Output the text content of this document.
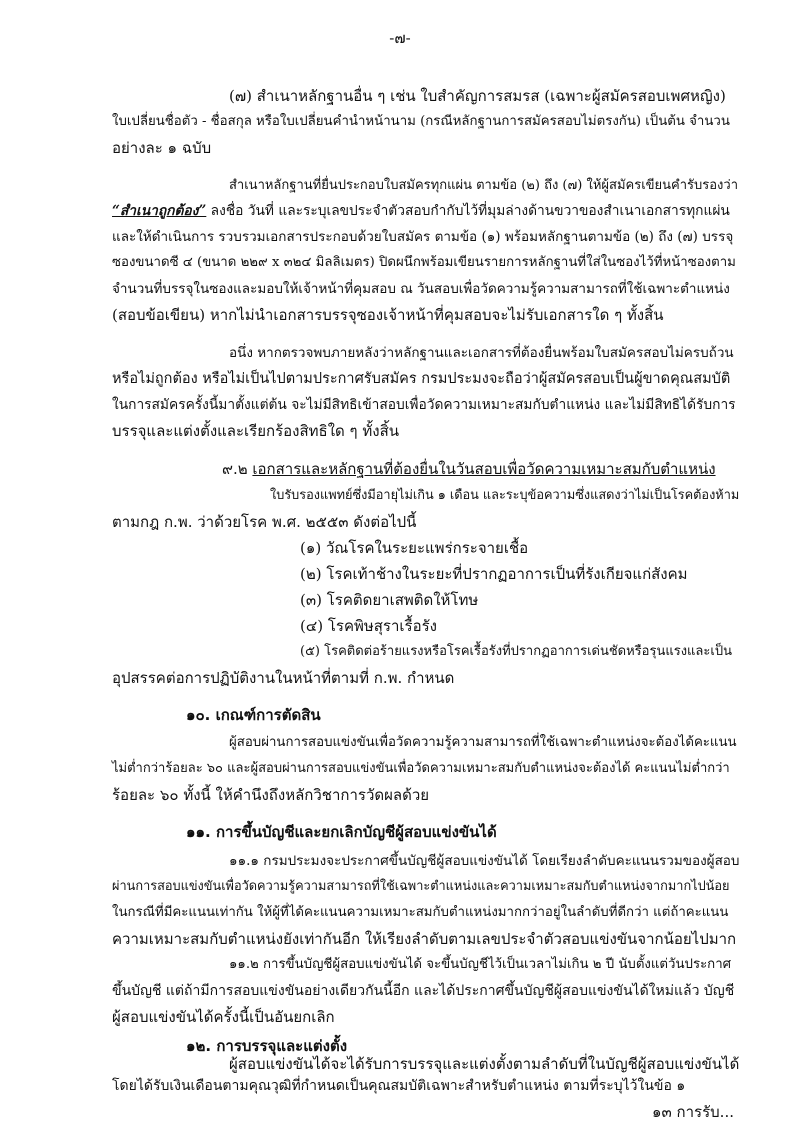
-๗-
(๗) สำเนาหลักฐานอื่น ๆ เช่น ใบสำคัญการสมรส (เฉพาะผู้สมัครสอบเพศหญิง)
ใบเปลี่ยนชื่อตัว - ชื่อสกุล หรือใบเปลี่ยนคำนำหน้านาม (กรณีหลักฐานการสมัครสอบไม่ตรงกัน) เป็นต้น จำนวน
อย่างละ ๑ ฉบับ
สำเนาหลักฐานที่ยื่นประกอบใบสมัครทุกแผ่น ตามข้อ (๒) ถึง (๗) ให้ผู้สมัครเขียนคำรับรองว่า
“สำเนาถูกต้อง” ลงชื่อ วันที่ และระบุเลขประจำตัวสอบกำกับไว้ที่มุมล่างด้านขวาของสำเนาเอกสารทุกแผ่น
และให้ดำเนินการ รวบรวมเอกสารประกอบด้วยใบสมัคร ตามข้อ (๑) พร้อมหลักฐานตามข้อ (๒) ถึง (๗) บรรจุ
ซองขนาดซี ๔ (ขนาด ๒๒๙ x ๓๒๔ มิลลิเมตร) ปิดผนึกพร้อมเขียนรายการหลักฐานที่ใส่ในซองไว้ที่หน้าซองตาม
จำนวนที่บรรจุในซองและมอบให้เจ้าหน้าที่คุมสอบ ณ วันสอบเพื่อวัดความรู้ความสามารถที่ใช้เฉพาะตำแหน่ง
(สอบข้อเขียน) หากไม่นำเอกสารบรรจุซองเจ้าหน้าที่คุมสอบจะไม่รับเอกสารใด ๆ ทั้งสิ้น
อนึ่ง หากตรวจพบภายหลังว่าหลักฐานและเอกสารที่ต้องยื่นพร้อมใบสมัครสอบไม่ครบถ้วน
หรือไม่ถูกต้อง หรือไม่เป็นไปตามประกาศรับสมัคร กรมประมงจะถือว่าผู้สมัครสอบเป็นผู้ขาดคุณสมบัติ
ในการสมัครครั้งนี้มาตั้งแต่ต้น จะไม่มีสิทธิเข้าสอบเพื่อวัดความเหมาะสมกับตำแหน่ง และไม่มีสิทธิได้รับการ
บรรจุและแต่งตั้งและเรียกร้องสิทธิใด ๆ ทั้งสิ้น
๙.๒ เอกสารและหลักฐานที่ต้องยื่นในวันสอบเพื่อวัดความเหมาะสมกับตำแหน่ง
ใบรับรองแพทย์ซึ่งมีอายุไม่เกิน ๑ เดือน และระบุข้อความซึ่งแสดงว่าไม่เป็นโรคต้องห้าม
ตามกฎ ก.พ. ว่าด้วยโรค พ.ศ. ๒๕๕๓ ดังต่อไปนี้
(๑) วัณโรคในระยะแพร่กระจายเชื้อ
(๒) โรคเท้าช้างในระยะที่ปรากฏอาการเป็นที่รังเกียจแก่สังคม
(๓) โรคติดยาเสพติดให้โทษ
(๔) โรคพิษสุราเรื้อรัง
(๕) โรคติดต่อร้ายแรงหรือโรคเรื้อรังที่ปรากฏอาการเด่นชัดหรือรุนแรงและเป็น
อุปสรรคต่อการปฏิบัติงานในหน้าที่ตามที่ ก.พ. กำหนด
๑๐. เกณฑ์การตัดสิน
ผู้สอบผ่านการสอบแข่งขันเพื่อวัดความรู้ความสามารถที่ใช้เฉพาะตำแหน่งจะต้องได้คะแนน
ไม่ต่ำกว่าร้อยละ ๖๐ และผู้สอบผ่านการสอบแข่งขันเพื่อวัดความเหมาะสมกับตำแหน่งจะต้องได้ คะแนนไม่ต่ำกว่า
ร้อยละ ๖๐ ทั้งนี้ ให้คำนึงถึงหลักวิชาการวัดผลด้วย
๑๑. การขึ้นบัญชีและยกเลิกบัญชีผู้สอบแข่งขันได้
๑๑.๑ กรมประมงจะประกาศขึ้นบัญชีผู้สอบแข่งขันได้ โดยเรียงลำดับคะแนนรวมของผู้สอบ
ผ่านการสอบแข่งขันเพื่อวัดความรู้ความสามารถที่ใช้เฉพาะตำแหน่งและความเหมาะสมกับตำแหน่งจากมากไปน้อย
ในกรณีที่มีคะแนนเท่ากัน ให้ผู้ที่ได้คะแนนความเหมาะสมกับตำแหน่งมากกว่าอยู่ในลำดับที่ดีกว่า แต่ถ้าคะแนน
ความเหมาะสมกับตำแหน่งยังเท่ากันอีก ให้เรียงลำดับตามเลขประจำตัวสอบแข่งขันจากน้อยไปมาก
๑๑.๒ การขึ้นบัญชีผู้สอบแข่งขันได้ จะขึ้นบัญชีไว้เป็นเวลาไม่เกิน ๒ ปี นับตั้งแต่วันประกาศ
ขึ้นบัญชี แต่ถ้ามีการสอบแข่งขันอย่างเดียวกันนี้อีก และได้ประกาศขึ้นบัญชีผู้สอบแข่งขันได้ใหม่แล้ว บัญชี
ผู้สอบแข่งขันได้ครั้งนี้เป็นอันยกเลิก
๑๒. การบรรจุและแต่งตั้ง
ผู้สอบแข่งขันได้จะได้รับการบรรจุและแต่งตั้งตามลำดับที่ในบัญชีผู้สอบแข่งขันได้
โดยได้รับเงินเดือนตามคุณวุฒิที่กำหนดเป็นคุณสมบัติเฉพาะสำหรับตำแหน่ง ตามที่ระบุไว้ในข้อ ๑
๑๓ การรับ...
